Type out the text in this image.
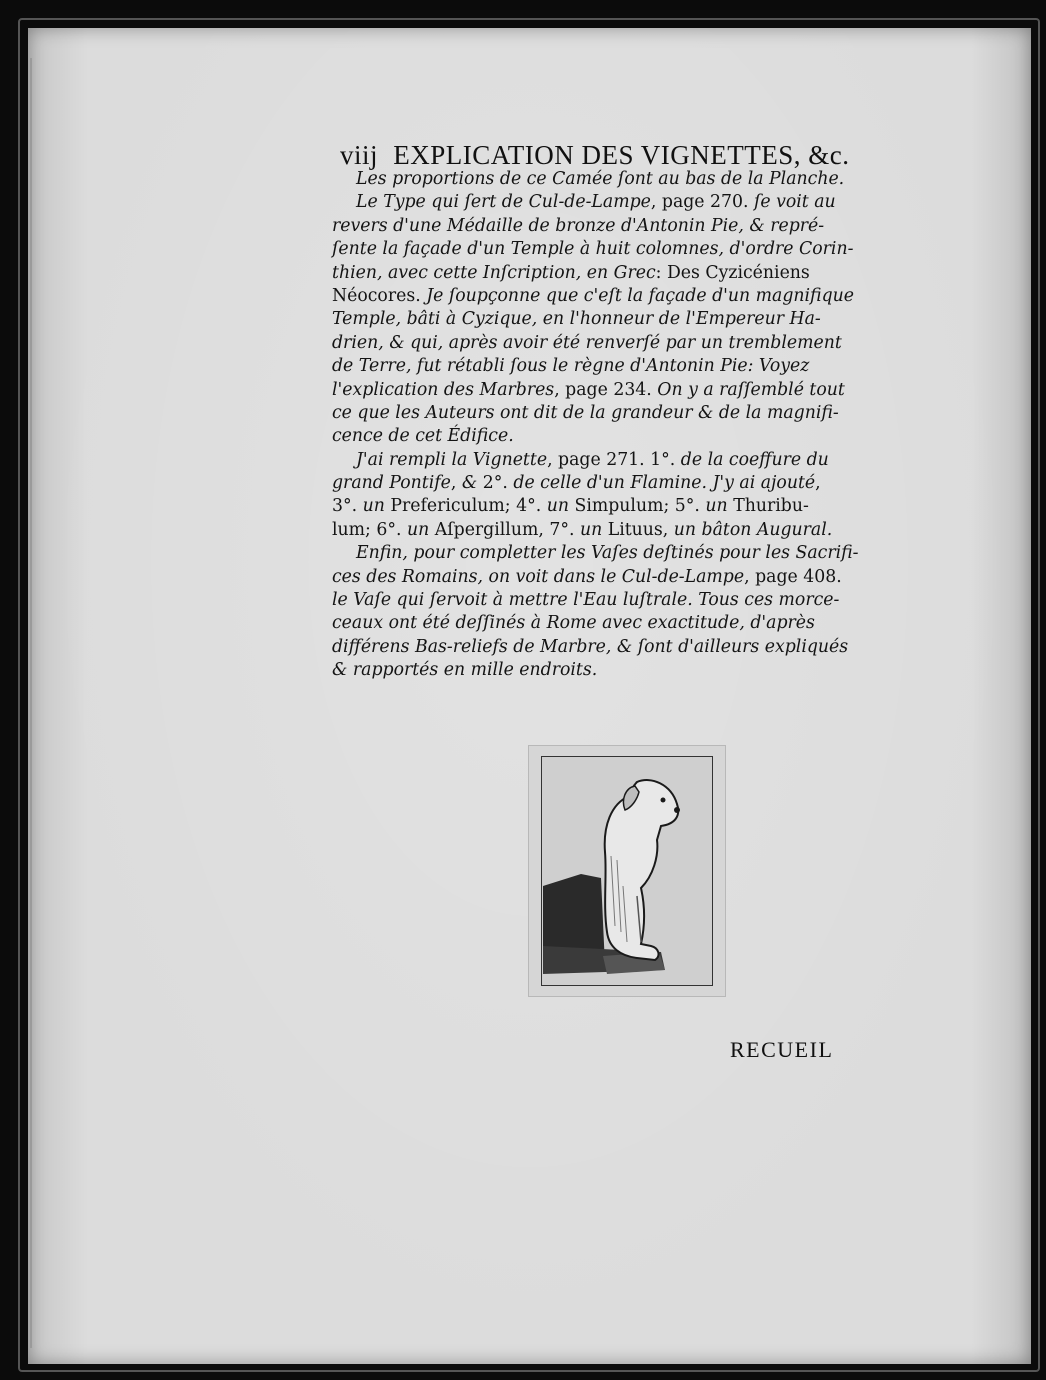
viij EXPLICATION DES VIGNETTES, &c.
Les proportions de ce Camée ſont au bas de la Planche.
Le Type qui ſert de Cul-de-Lampe, page 270. ſe voit au
revers d'une Médaille de bronze d'Antonin Pie, & repré-
ſente la façade d'un Temple à huit colomnes, d'ordre Corin-
thien, avec cette Inſcription, en Grec: Des Cyzicéniens
Néocores. Je ſoupçonne que c'eſt la façade d'un magnifique
Temple, bâti à Cyzique, en l'honneur de l'Empereur Ha-
drien, & qui, après avoir été renverſé par un tremblement
de Terre, fut rétabli ſous le règne d'Antonin Pie: Voyez
l'explication des Marbres, page 234. On y a raſſemblé tout
ce que les Auteurs ont dit de la grandeur & de la magnifi-
cence de cet Édifice.
J'ai rempli la Vignette, page 271. 1°. de la coeffure du
grand Pontife, & 2°. de celle d'un Flamine. J'y ai ajouté,
3°. un Prefericulum; 4°. un Simpulum; 5°. un Thuribu-
lum; 6°. un Aſpergillum, 7°. un Lituus, un bâton Augural.
Enfin, pour completter les Vaſes deſtinés pour les Sacrifi-
ces des Romains, on voit dans le Cul-de-Lampe, page 408.
le Vaſe qui ſervoit à mettre l'Eau luſtrale. Tous ces morce-
ceaux ont été deſſinés à Rome avec exactitude, d'après
différens Bas-reliefs de Marbre, & ſont d'ailleurs expliqués
& rapportés en mille endroits.
RECUEIL
